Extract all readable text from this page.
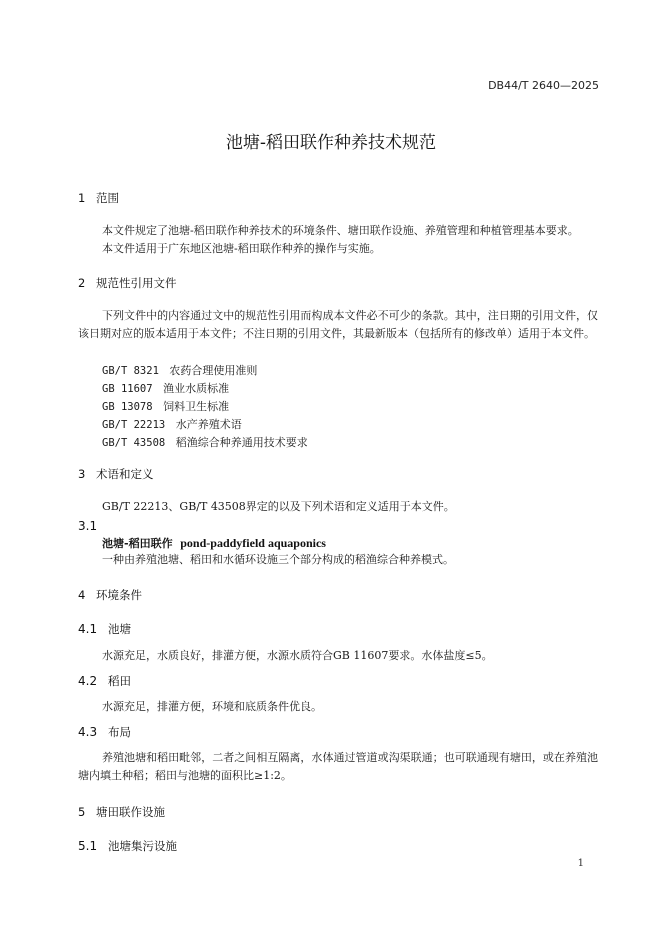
DB44/T 2640—2025
池塘-稻田联作种养技术规范
1 范围
本文件规定了池塘-稻田联作种养技术的环境条件、塘田联作设施、养殖管理和种植管理基本要求。
本文件适用于广东地区池塘-稻田联作种养的操作与实施。
2 规范性引用文件
下列文件中的内容通过文中的规范性引用而构成本文件必不可少的条款。其中，注日期的引用文件，仅该日期对应的版本适用于本文件；不注日期的引用文件，其最新版本（包括所有的修改单）适用于本文件。
GB/T 8321 农药合理使用准则
GB 11607 渔业水质标准
GB 13078 饲料卫生标准
GB/T 22213 水产养殖术语
GB/T 43508 稻渔综合种养通用技术要求
3 术语和定义
GB/T 22213、GB/T 43508界定的以及下列术语和定义适用于本文件。
3.1
池塘-稻田联作 pond-paddyfield aquaponics
一种由养殖池塘、稻田和水循环设施三个部分构成的稻渔综合种养模式。
4 环境条件
4.1 池塘
水源充足，水质良好，排灌方便，水源水质符合GB 11607要求。水体盐度≤5。
4.2 稻田
水源充足，排灌方便，环境和底质条件优良。
4.3 布局
养殖池塘和稻田毗邻，二者之间相互隔离，水体通过管道或沟渠联通；也可联通现有塘田，或在养殖池塘内填土种稻；稻田与池塘的面积比≥1:2。
5 塘田联作设施
5.1 池塘集污设施
1
